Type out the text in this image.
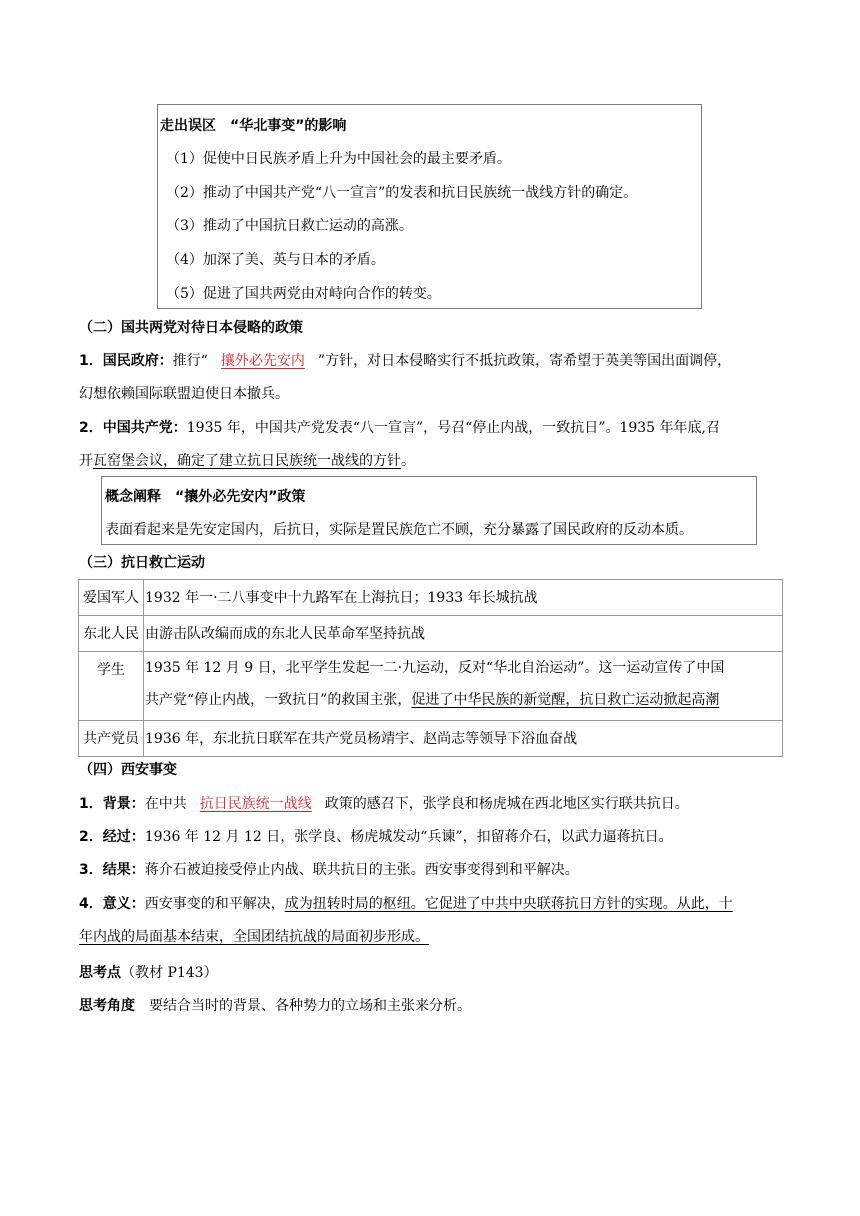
走出误区 “华北事变”的影响
（1）促使中日民族矛盾上升为中国社会的最主要矛盾。
（2）推动了中国共产党“八一宣言”的发表和抗日民族统一战线方针的确定。
（3）推动了中国抗日救亡运动的高涨。
（4）加深了美、英与日本的矛盾。
（5）促进了国共两党由对峙向合作的转变。
（二）国共两党对待日本侵略的政策
1．国民政府：推行“ 攘外必先安内 ”方针，对日本侵略实行不抵抗政策，寄希望于英美等国出面调停，
幻想依赖国际联盟迫使日本撤兵。
2．中国共产党：1935 年，中国共产党发表“八一宣言”，号召“停止内战，一致抗日”。1935 年年底,召
开瓦窑堡会议，确定了建立抗日民族统一战线的方针。
概念阐释 “攘外必先安内”政策
表面看起来是先安定国内，后抗日，实际是置民族危亡不顾，充分暴露了国民政府的反动本质。
（三）抗日救亡运动
爱国军人	1932 年一·二八事变中十九路军在上海抗日；1933 年长城抗战
东北人民	由游击队改编而成的东北人民革命军坚持抗战
学生	1935 年 12 月 9 日，北平学生发起一二·九运动，反对“华北自治运动”。这一运动宣传了中国
共产党“停止内战，一致抗日”的救国主张，促进了中华民族的新觉醒，抗日救亡运动掀起高潮

共产党员	1936 年，东北抗日联军在共产党员杨靖宇、赵尚志等领导下浴血奋战
（四）西安事变
1．背景：在中共 抗日民族统一战线 政策的感召下，张学良和杨虎城在西北地区实行联共抗日。
2．经过：1936 年 12 月 12 日，张学良、杨虎城发动“兵谏”，扣留蒋介石，以武力逼蒋抗日。
3．结果：蒋介石被迫接受停止内战、联共抗日的主张。西安事变得到和平解决。
4．意义：西安事变的和平解决，成为扭转时局的枢纽。它促进了中共中央联蒋抗日方针的实现。从此，十
年内战的局面基本结束，全国团结抗战的局面初步形成。
思考点（教材 P143）
思考角度 要结合当时的背景、各种势力的立场和主张来分析。
